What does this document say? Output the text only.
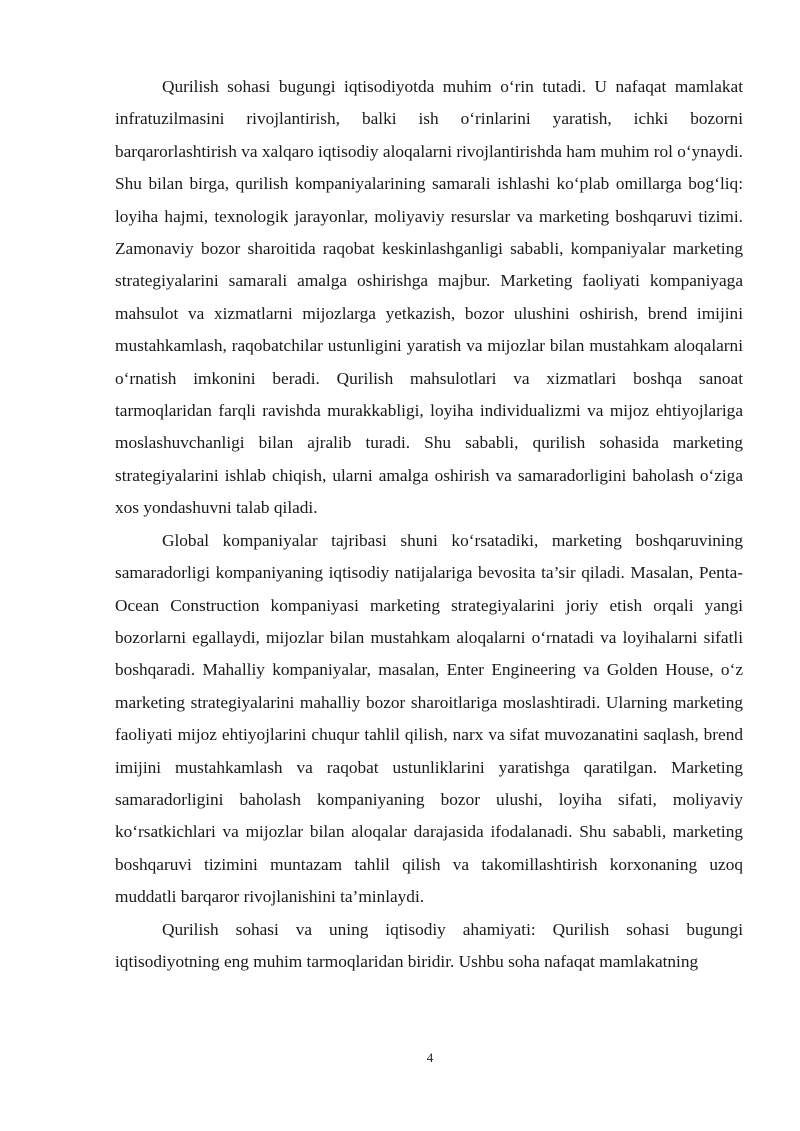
Qurilish sohasi bugungi iqtisodiyotda muhim o‘rin tutadi. U nafaqat mamlakat infratuzilmasini rivojlantirish, balki ish o‘rinlarini yaratish, ichki bozorni barqarorlashtirish va xalqaro iqtisodiy aloqalarni rivojlantirishda ham muhim rol o‘ynaydi. Shu bilan birga, qurilish kompaniyalarining samarali ishlashi ko‘plab omillarga bog‘liq: loyiha hajmi, texnologik jarayonlar, moliyaviy resurslar va marketing boshqaruvi tizimi. Zamonaviy bozor sharoitida raqobat keskinlashganligi sababli, kompaniyalar marketing strategiyalarini samarali amalga oshirishga majbur. Marketing faoliyati kompaniyaga mahsulot va xizmatlarni mijozlarga yetkazish, bozor ulushini oshirish, brend imijini mustahkamlash, raqobatchilar ustunligini yaratish va mijozlar bilan mustahkam aloqalarni o‘rnatish imkonini beradi. Qurilish mahsulotlari va xizmatlari boshqa sanoat tarmoqlaridan farqli ravishda murakkabligi, loyiha individualizmi va mijoz ehtiyojlariga moslashuvchanligi bilan ajralib turadi. Shu sababli, qurilish sohasida marketing strategiyalarini ishlab chiqish, ularni amalga oshirish va samaradorligini baholash o‘ziga xos yondashuvni talab qiladi.

Global kompaniyalar tajribasi shuni ko‘rsatadiki, marketing boshqaruvining samaradorligi kompaniyaning iqtisodiy natijalariga bevosita ta’sir qiladi. Masalan, Penta-Ocean Construction kompaniyasi marketing strategiyalarini joriy etish orqali yangi bozorlarni egallaydi, mijozlar bilan mustahkam aloqalarni o‘rnatadi va loyihalarni sifatli boshqaradi. Mahalliy kompaniyalar, masalan, Enter Engineering va Golden House, o‘z marketing strategiyalarini mahalliy bozor sharoitlariga moslashtiradi. Ularning marketing faoliyati mijoz ehtiyojlarini chuqur tahlil qilish, narx va sifat muvozanatini saqlash, brend imijini mustahkamlash va raqobat ustunliklarini yaratishga qaratilgan. Marketing samaradorligini baholash kompaniyaning bozor ulushi, loyiha sifati, moliyaviy ko‘rsatkichlari va mijozlar bilan aloqalar darajasida ifodalanadi. Shu sababli, marketing boshqaruvi tizimini muntazam tahlil qilish va takomillashtirish korxonaning uzoq muddatli barqaror rivojlanishini ta’minlaydi.

Qurilish sohasi va uning iqtisodiy ahamiyati: Qurilish sohasi bugungi iqtisodiyotning eng muhim tarmoqlaridan biridir. Ushbu soha nafaqat mamlakatning

4
